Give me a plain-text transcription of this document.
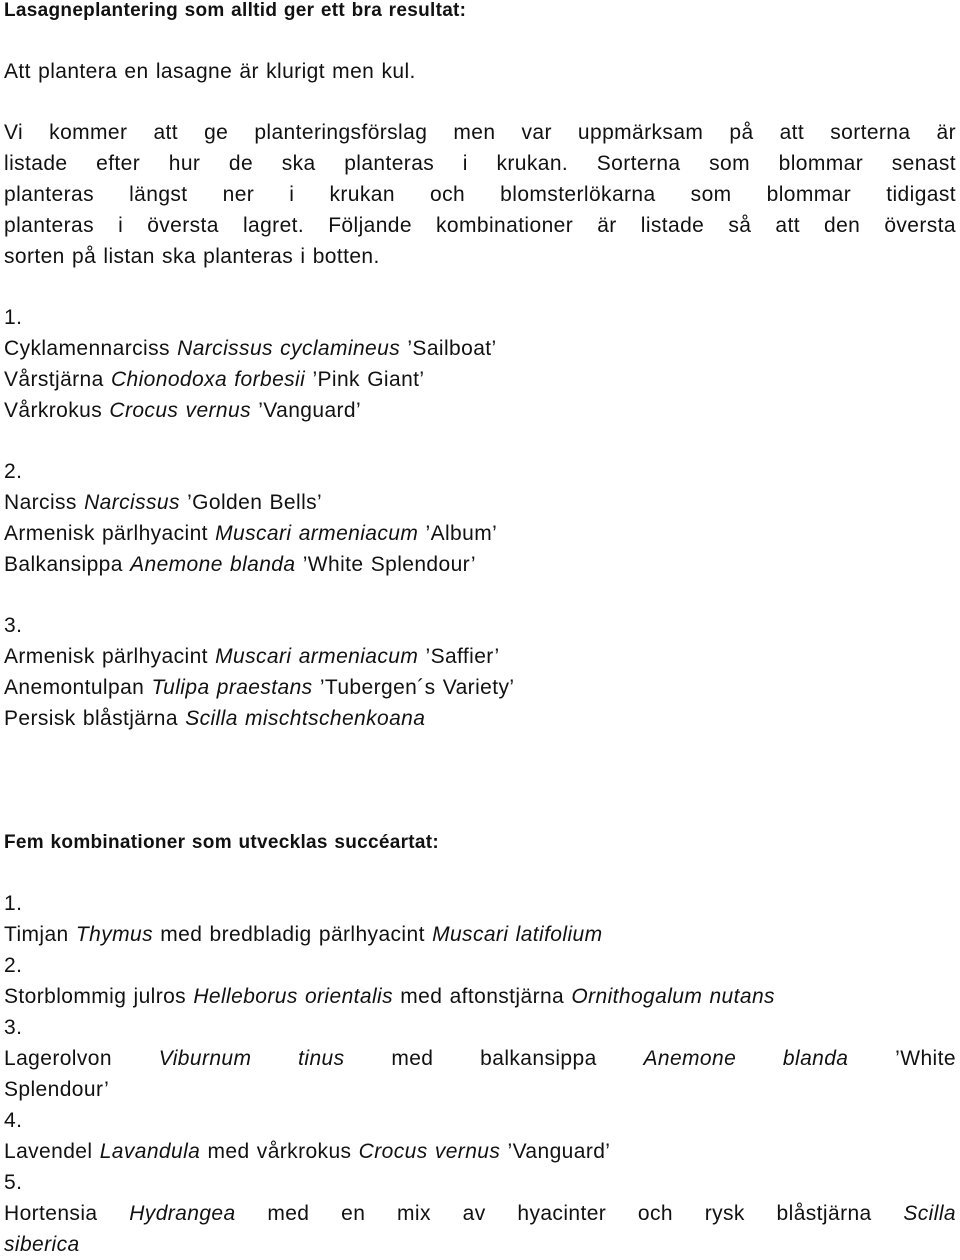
Lasagneplantering som alltid ger ett bra resultat:
Att plantera en lasagne är klurigt men kul.
Vi kommer att ge planteringsförslag men var uppmärksam på att sorterna är
listade efter hur de ska planteras i krukan. Sorterna som blommar senast
planteras längst ner i krukan och blomsterlökarna som blommar tidigast
planteras i översta lagret. Följande kombinationer är listade så att den översta
sorten på listan ska planteras i botten.
1.
Cyklamennarciss Narcissus cyclamineus ’Sailboat’
Vårstjärna Chionodoxa forbesii ’Pink Giant’
Vårkrokus Crocus vernus ’Vanguard’
2.
Narciss Narcissus ’Golden Bells’
Armenisk pärlhyacint Muscari armeniacum ’Album’
Balkansippa Anemone blanda ’White Splendour’
3.
Armenisk pärlhyacint Muscari armeniacum ’Saffier’
Anemontulpan Tulipa praestans ’Tubergen´s Variety’
Persisk blåstjärna Scilla mischtschenkoana
Fem kombinationer som utvecklas succéartat:
1.
Timjan Thymus med bredbladig pärlhyacint Muscari latifolium
2.
Storblommig julros Helleborus orientalis med aftonstjärna Ornithogalum nutans
3.
Lagerolvon Viburnum tinus med balkansippa Anemone blanda ’White
Splendour’
4.
Lavendel Lavandula med vårkrokus Crocus vernus ’Vanguard’
5.
Hortensia Hydrangea med en mix av hyacinter och rysk blåstjärna Scilla
siberica
